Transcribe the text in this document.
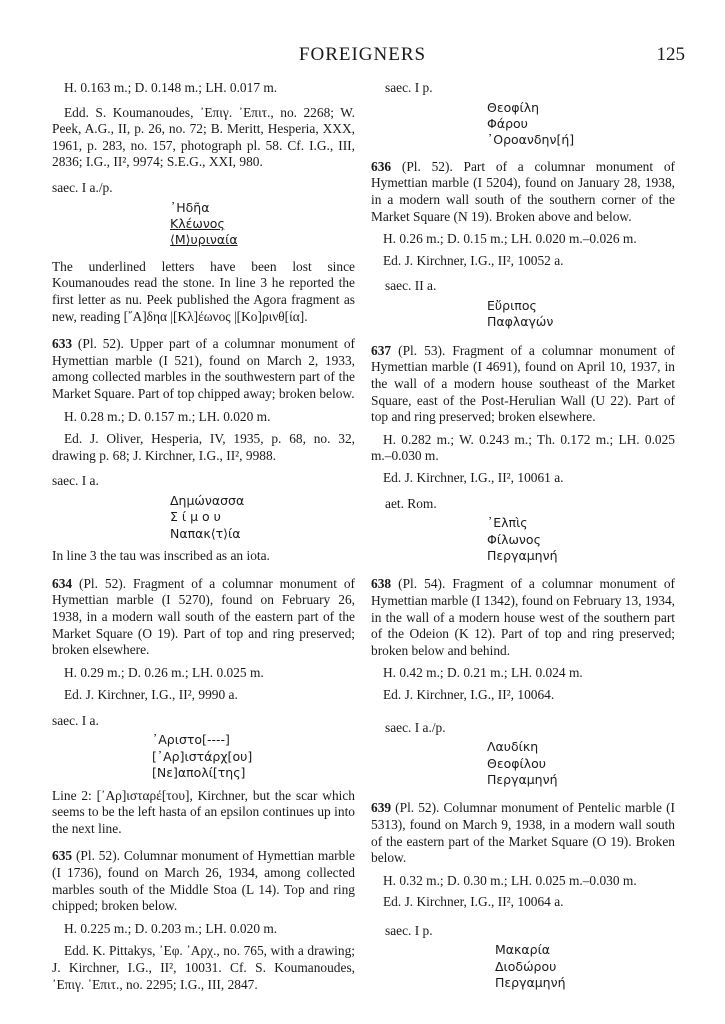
FOREIGNERS	125

H. 0.163 m.; D. 0.148 m.; LH. 0.017 m.

Edd. S. Koumanoudes, ᾽Επιγ. ᾽Επιτ., no. 2268; W. Peek, A.G., II, p. 26, no. 72; B. Meritt, Hesperia, XXX, 1961, p. 283, no. 157, photograph pl. 58. Cf. I.G., III, 2836; I.G., II², 9974; S.E.G., XXI, 980.

saec. I a./p.

᾽Ηδῆα
Κλέωνος
⟨Μ⟩υριναία

The underlined letters have been lost since Koumanoudes read the stone. In line 3 he reported the first letter as nu. Peek published the Agora fragment as new, reading [῎Α]δηα |[Κλ]έωνος |[Κο]ρινθ[ία].

633 (Pl. 52). Upper part of a columnar monument of Hymettian marble (I 521), found on March 2, 1933, among collected marbles in the southwestern part of the Market Square. Part of top chipped away; broken below.

H. 0.28 m.; D. 0.157 m.; LH. 0.020 m.

Ed. J. Oliver, Hesperia, IV, 1935, p. 68, no. 32, drawing p. 68; J. Kirchner, I.G., II², 9988.

saec. I a.

Δημώνασσα
Σ ί μ ο υ
Ναπακ⟨τ⟩ία

In line 3 the tau was inscribed as an iota.

634 (Pl. 52). Fragment of a columnar monument of Hymettian marble (I 5270), found on February 26, 1938, in a modern wall south of the eastern part of the Market Square (O 19). Part of top and ring preserved; broken elsewhere.

H. 0.29 m.; D. 0.26 m.; LH. 0.025 m.

Ed. J. Kirchner, I.G., II², 9990 a.

saec. I a.

᾽Αριστο[----]
[᾽Αρ]ιστάρχ[ου]
[Νε]απολί[της]

Line 2: [᾽Αρ]ισταρέ[του], Kirchner, but the scar which seems to be the left hasta of an epsilon continues up into the next line.

635 (Pl. 52). Columnar monument of Hymettian marble (I 1736), found on March 26, 1934, among collected marbles south of the Middle Stoa (L 14). Top and ring chipped; broken below.

H. 0.225 m.; D. 0.203 m.; LH. 0.020 m.

Edd. K. Pittakys, ᾽Εφ. ᾽Αρχ., no. 765, with a drawing; J. Kirchner, I.G., II², 10031. Cf. S. Koumanoudes, ᾽Επιγ. ᾽Επιτ., no. 2295; I.G., III, 2847.

saec. I p.

Θεοφίλη
Φάρου
᾽Οροανδην[ή]

636 (Pl. 52). Part of a columnar monument of Hymettian marble (I 5204), found on January 28, 1938, in a modern wall south of the southern corner of the Market Square (N 19). Broken above and below.

H. 0.26 m.; D. 0.15 m.; LH. 0.020 m.–0.026 m.

Ed. J. Kirchner, I.G., II², 10052 a.

saec. II a.

Εὔριπος
Παφλαγών

637 (Pl. 53). Fragment of a columnar monument of Hymettian marble (I 4691), found on April 10, 1937, in the wall of a modern house southeast of the Market Square, east of the Post-Herulian Wall (U 22). Part of top and ring preserved; broken elsewhere.

H. 0.282 m.; W. 0.243 m.; Th. 0.172 m.; LH. 0.025 m.–0.030 m.

Ed. J. Kirchner, I.G., II², 10061 a.

aet. Rom.

᾽Ελπὶς
Φίλωνος
Περγαμηνή

638 (Pl. 54). Fragment of a columnar monument of Hymettian marble (I 1342), found on February 13, 1934, in the wall of a modern house west of the southern part of the Odeion (K 12). Part of top and ring preserved; broken below and behind.

H. 0.42 m.; D. 0.21 m.; LH. 0.024 m.

Ed. J. Kirchner, I.G., II², 10064.

saec. I a./p.

Λαυδίκη
Θεοφίλου
Περγαμηνή

639 (Pl. 52). Columnar monument of Pentelic marble (I 5313), found on March 9, 1938, in a modern wall south of the eastern part of the Market Square (O 19). Broken below.

H. 0.32 m.; D. 0.30 m.; LH. 0.025 m.–0.030 m.

Ed. J. Kirchner, I.G., II², 10064 a.

saec. I p.

Μακαρία
Διοδώρου
Περγαμηνή
